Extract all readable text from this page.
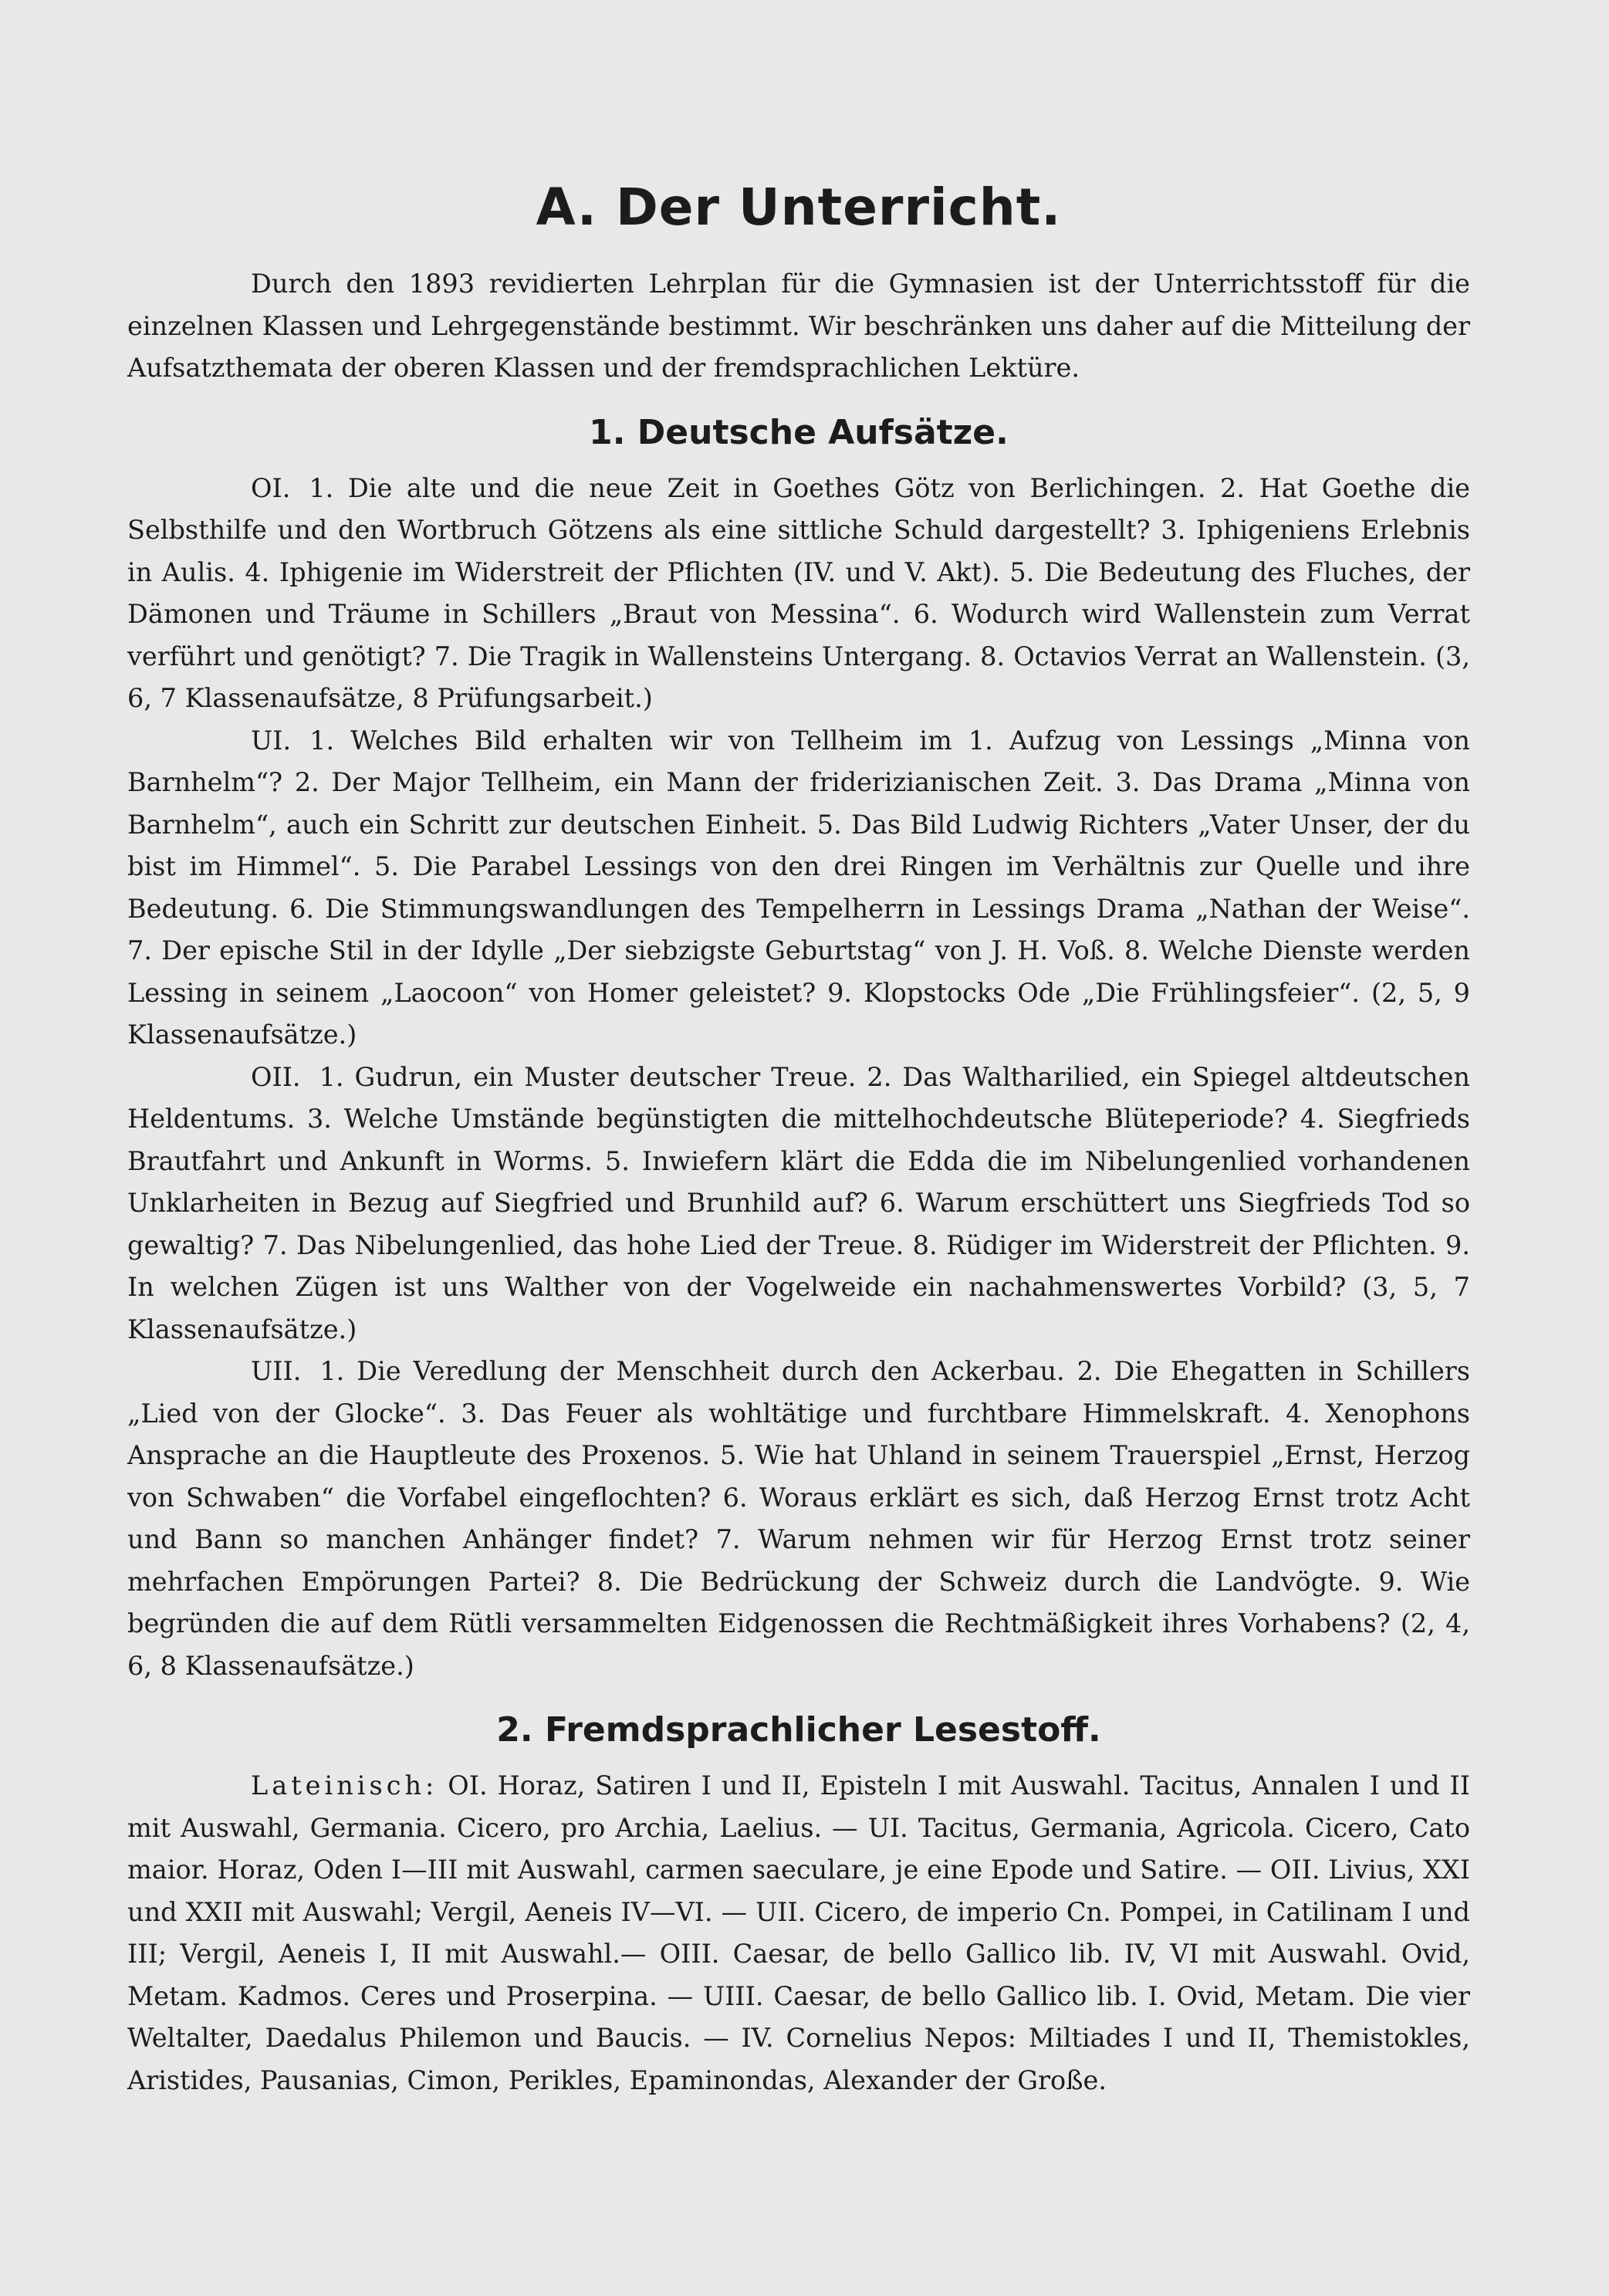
A. Der Unterricht.

Durch den 1893 revidierten Lehrplan für die Gymnasien ist der Unterrichtsstoff für die einzelnen Klassen und Lehrgegenstände bestimmt. Wir beschränken uns daher auf die Mitteilung der Aufsatzthemata der oberen Klassen und der fremdsprachlichen Lektüre.

1. Deutsche Aufsätze.

OI. 1. Die alte und die neue Zeit in Goethes Götz von Berlichingen. 2. Hat Goethe die Selbsthilfe und den Wortbruch Götzens als eine sittliche Schuld dargestellt? 3. Iphigeniens Erlebnis in Aulis. 4. Iphigenie im Widerstreit der Pflichten (IV. und V. Akt). 5. Die Bedeutung des Fluches, der Dämonen und Träume in Schillers „Braut von Messina“. 6. Wodurch wird Wallenstein zum Verrat verführt und genötigt? 7. Die Tragik in Wallensteins Untergang. 8. Octavios Verrat an Wallenstein. (3, 6, 7 Klassenaufsätze, 8 Prüfungsarbeit.)

UI. 1. Welches Bild erhalten wir von Tellheim im 1. Aufzug von Lessings „Minna von Barnhelm“? 2. Der Major Tellheim, ein Mann der friderizianischen Zeit. 3. Das Drama „Minna von Barnhelm“, auch ein Schritt zur deutschen Einheit. 5. Das Bild Ludwig Richters „Vater Unser, der du bist im Himmel“. 5. Die Parabel Lessings von den drei Ringen im Verhältnis zur Quelle und ihre Bedeutung. 6. Die Stimmungswandlungen des Tempelherrn in Lessings Drama „Nathan der Weise“. 7. Der epische Stil in der Idylle „Der siebzigste Geburtstag“ von J. H. Voß. 8. Welche Dienste werden Lessing in seinem „Laocoon“ von Homer geleistet? 9. Klopstocks Ode „Die Frühlingsfeier“. (2, 5, 9 Klassenaufsätze.)

OII. 1. Gudrun, ein Muster deutscher Treue. 2. Das Waltharilied, ein Spiegel altdeutschen Heldentums. 3. Welche Umstände begünstigten die mittelhochdeutsche Blüteperiode? 4. Siegfrieds Brautfahrt und Ankunft in Worms. 5. Inwiefern klärt die Edda die im Nibelungenlied vorhandenen Unklarheiten in Bezug auf Siegfried und Brunhild auf? 6. Warum erschüttert uns Siegfrieds Tod so gewaltig? 7. Das Nibelungenlied, das hohe Lied der Treue. 8. Rüdiger im Widerstreit der Pflichten. 9. In welchen Zügen ist uns Walther von der Vogelweide ein nachahmenswertes Vorbild? (3, 5, 7 Klassenaufsätze.)

UII. 1. Die Veredlung der Menschheit durch den Ackerbau. 2. Die Ehegatten in Schillers „Lied von der Glocke“. 3. Das Feuer als wohltätige und furchtbare Himmelskraft. 4. Xenophons Ansprache an die Hauptleute des Proxenos. 5. Wie hat Uhland in seinem Trauerspiel „Ernst, Herzog von Schwaben“ die Vorfabel eingeflochten? 6. Woraus erklärt es sich, daß Herzog Ernst trotz Acht und Bann so manchen Anhänger findet? 7. Warum nehmen wir für Herzog Ernst trotz seiner mehrfachen Empörungen Partei? 8. Die Bedrückung der Schweiz durch die Landvögte. 9. Wie begründen die auf dem Rütli versammelten Eidgenossen die Rechtmäßigkeit ihres Vorhabens? (2, 4, 6, 8 Klassenaufsätze.)

2. Fremdsprachlicher Lesestoff.

Lateinisch: OI. Horaz, Satiren I und II, Episteln I mit Auswahl. Tacitus, Annalen I und II mit Auswahl, Germania. Cicero, pro Archia, Laelius. — UI. Tacitus, Germania, Agricola. Cicero, Cato maior. Horaz, Oden I—III mit Auswahl, carmen saeculare, je eine Epode und Satire. — OII. Livius, XXI und XXII mit Auswahl; Vergil, Aeneis IV—VI. — UII. Cicero, de imperio Cn. Pompei, in Catilinam I und III; Vergil, Aeneis I, II mit Auswahl.— OIII. Caesar, de bello Gallico lib. IV, VI mit Auswahl. Ovid, Metam. Kadmos. Ceres und Proserpina. — UIII. Caesar, de bello Gallico lib. I. Ovid, Metam. Die vier Weltalter, Daedalus Philemon und Baucis. — IV. Cornelius Nepos: Miltiades I und II, Themistokles, Aristides, Pausanias, Cimon, Perikles, Epaminondas, Alexander der Große.
